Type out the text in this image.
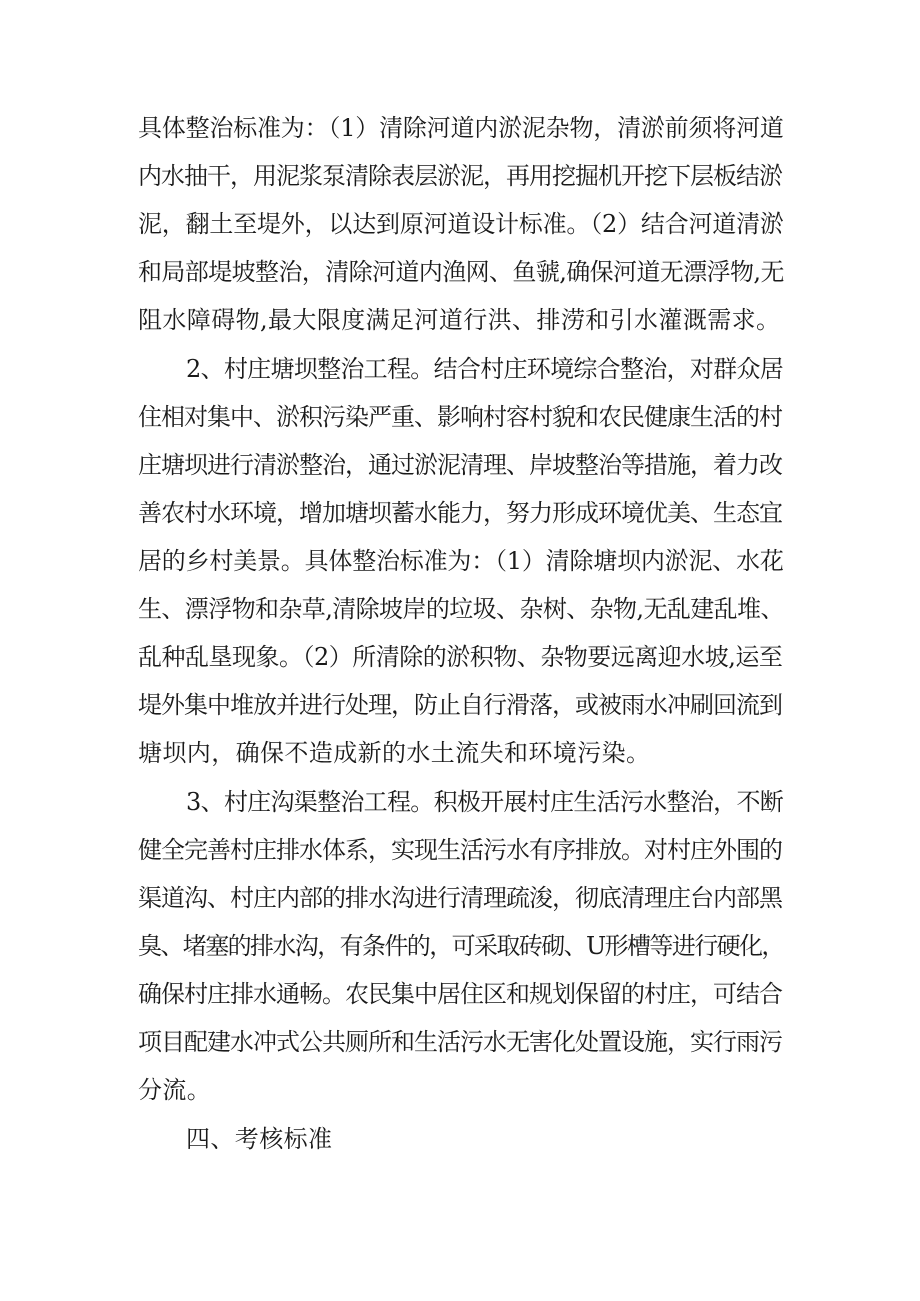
具体整治标准为：（1）清除河道内淤泥杂物，清淤前须将河道

内水抽干，用泥浆泵清除表层淤泥，再用挖掘机开挖下层板结淤

泥，翻土至堤外，以达到原河道设计标准。（2）结合河道清淤

和局部堤坡整治，清除河道内渔网、鱼虢,确保河道无漂浮物,无

阻水障碍物,最大限度满足河道行洪、排涝和引水灌溉需求。

2、村庄塘坝整治工程。结合村庄环境综合整治，对群众居

住相对集中、淤积污染严重、影响村容村貌和农民健康生活的村

庄塘坝进行清淤整治，通过淤泥清理、岸坡整治等措施，着力改

善农村水环境，增加塘坝蓄水能力，努力形成环境优美、生态宜

居的乡村美景。具体整治标准为：（1）清除塘坝内淤泥、水花

生、漂浮物和杂草,清除坡岸的垃圾、杂树、杂物,无乱建乱堆、

乱种乱垦现象。（2）所清除的淤积物、杂物要远离迎水坡,运至

堤外集中堆放并进行处理，防止自行滑落，或被雨水冲刷回流到

塘坝内，确保不造成新的水土流失和环境污染。

3、村庄沟渠整治工程。积极开展村庄生活污水整治，不断

健全完善村庄排水体系，实现生活污水有序排放。对村庄外围的

渠道沟、村庄内部的排水沟进行清理疏浚，彻底清理庄台内部黑

臭、堵塞的排水沟，有条件的，可采取砖砌、U形槽等进行硬化，

确保村庄排水通畅。农民集中居住区和规划保留的村庄，可结合

项目配建水冲式公共厕所和生活污水无害化处置设施，实行雨污

分流。

四、考核标准
